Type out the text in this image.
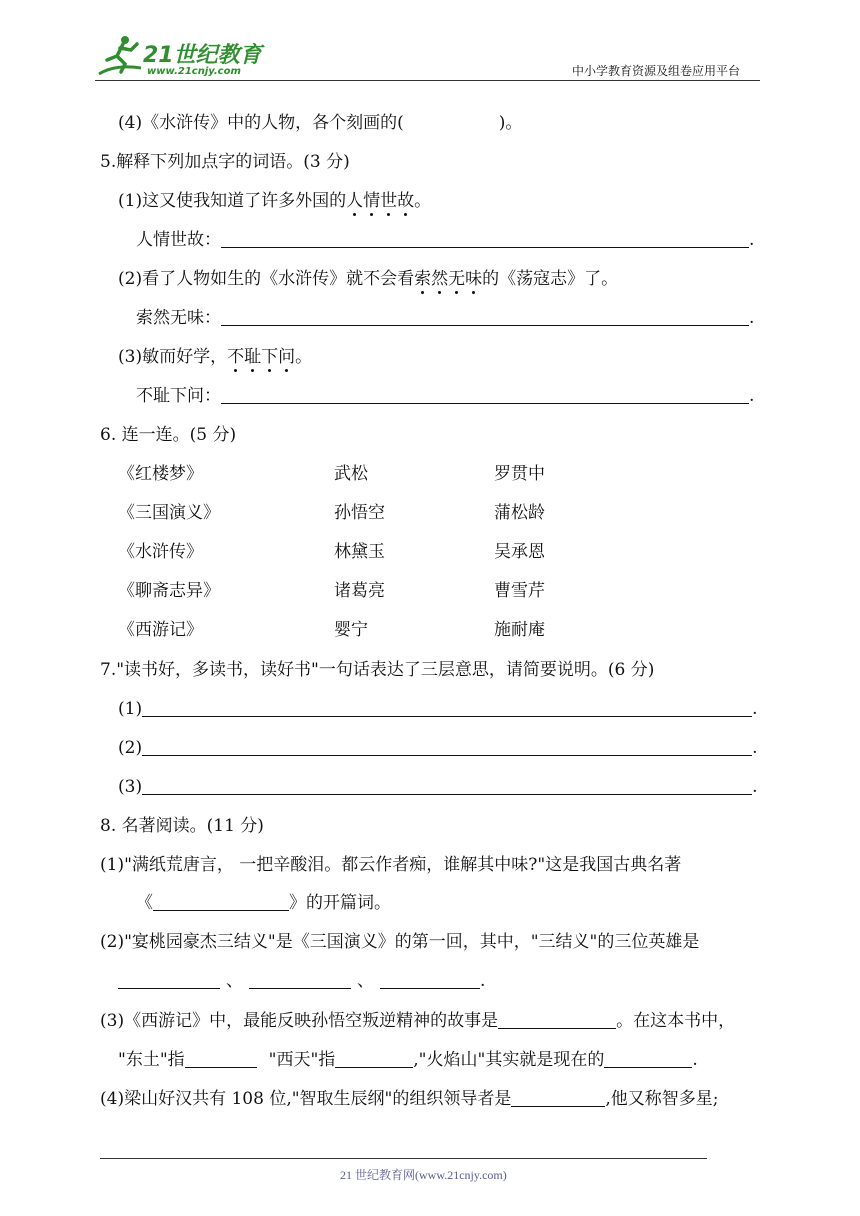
21世纪教育
www.21cnjy.com	中小学教育资源及组卷应用平台
(4)《水浒传》中的人物，各个刻画的(	)。
5.解释下列加点字的词语。(3 分)
(1)这又使我知道了许多外国的人情世故。
人情世故：	.
(2)看了人物如生的《水浒传》就不会看索然无味的《荡寇志》了。
索然无味：	.
(3)敏而好学，不耻下问。
不耻下问：	.
6. 连一连。(5 分)
《红楼梦》	武松	罗贯中
《三国演义》	孙悟空	蒲松龄
《水浒传》	林黛玉	吴承恩
《聊斋志异》	诸葛亮	曹雪芹
《西游记》	婴宁	施耐庵
7."读书好，多读书，读好书"一句话表达了三层意思，请简要说明。(6 分)
(1)	.
(2)	.
(3)	.
8. 名著阅读。(11 分)
(1)"满纸荒唐言， 一把辛酸泪。都云作者痴，谁解其中味?"这是我国古典名著
《	》的开篇词。
(2)"宴桃园豪杰三结义"是《三国演义》的第一回，其中，"三结义"的三位英雄是
、	、	.
(3)《西游记》中，最能反映孙悟空叛逆精神的故事是	。在这本书中，
"东土"指	"西天"指	,"火焰山"其实就是现在的	.
(4)梁山好汉共有 108 位,"智取生辰纲"的组织领导者是	,他又称智多星;
21 世纪教育网(www.21cnjy.com)
